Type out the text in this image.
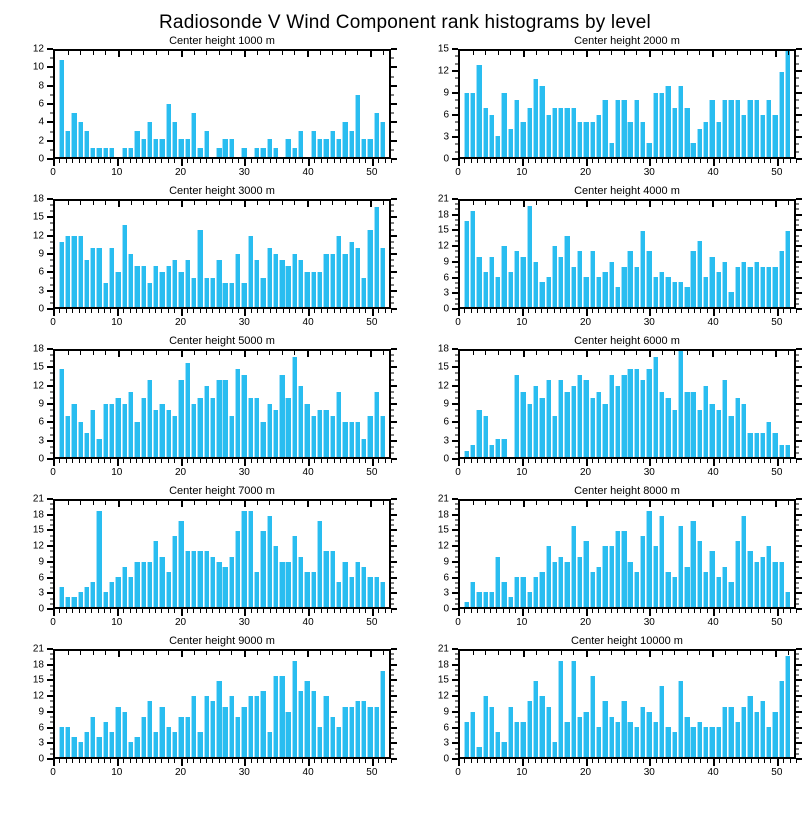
Radiosonde V Wind Component rank histograms by level
Center height 1000 m
0	10	20	30	40	50
0
2
4
6
8
10
12
Center height 2000 m
0	10	20	30	40	50
0
3
6
9
12
15
Center height 3000 m
0	10	20	30	40	50
0
3
6
9
12
15
18
Center height 4000 m
0	10	20	30	40	50
0
3
6
9
12
15
18
21
Center height 5000 m
0	10	20	30	40	50
0
3
6
9
12
15
18
Center height 6000 m
0	10	20	30	40	50
0
3
6
9
12
15
18
Center height 7000 m
0	10	20	30	40	50
0
3
6
9
12
15
18
21
Center height 8000 m
0	10	20	30	40	50
0
3
6
9
12
15
18
21
Center height 9000 m
0	10	20	30	40	50
0
3
6
9
12
15
18
21
Center height 10000 m
0	10	20	30	40	50
0
3
6
9
12
15
18
21
